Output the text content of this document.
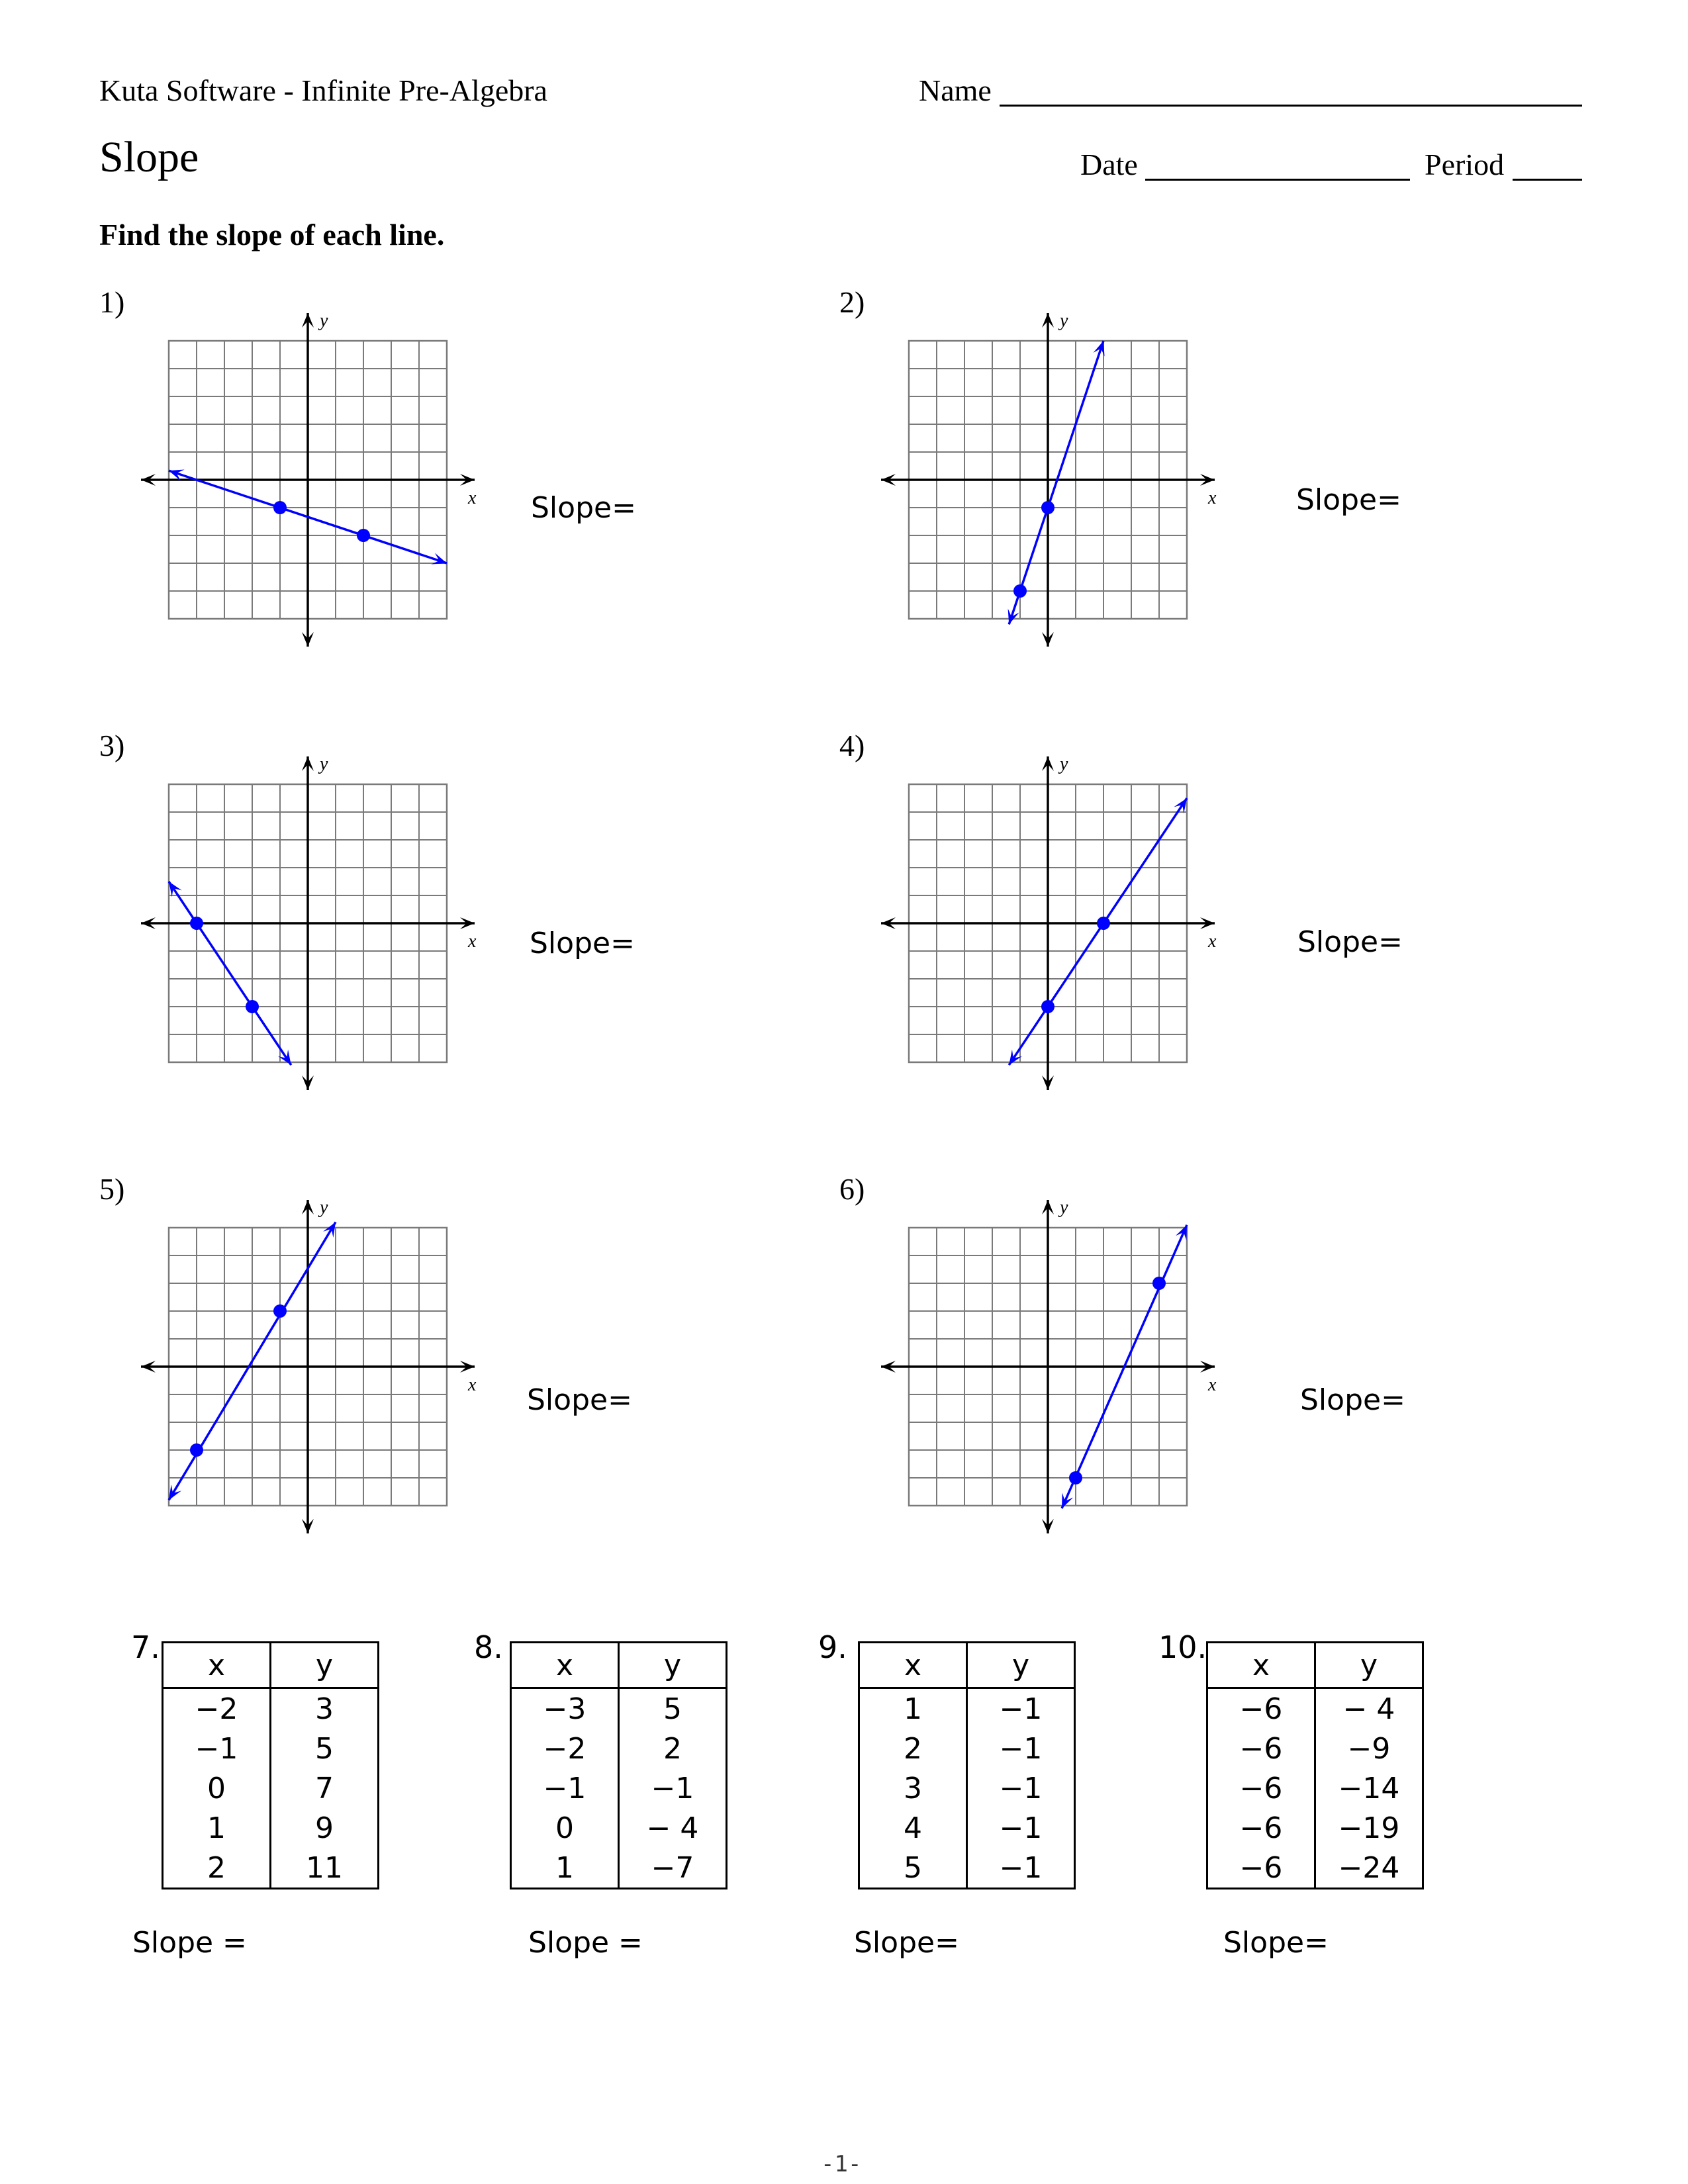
Kuta Software - Infinite Pre-Algebra	Name
Slope	Date	Period
Find the slope of each line.
1)
x
y
Slope=
2)
x
y
Slope=
3)
x
y
Slope=
4)
x
y
Slope=
5)
x
y
Slope=
6)
x
y
Slope=
7. x	y
−2	3
−1	5
0	7
1	9
2	11
Slope =
8. x	y
−3	5
−2	2
−1	−1
0	− 4
1	−7
Slope =
9. x	y
1	−1
2	−1
3	−1
4	−1
5	−1
Slope=
10. x	y
−6	− 4
−6	−9
−6	−14
−6	−19
−6	−24
Slope=
-1-
